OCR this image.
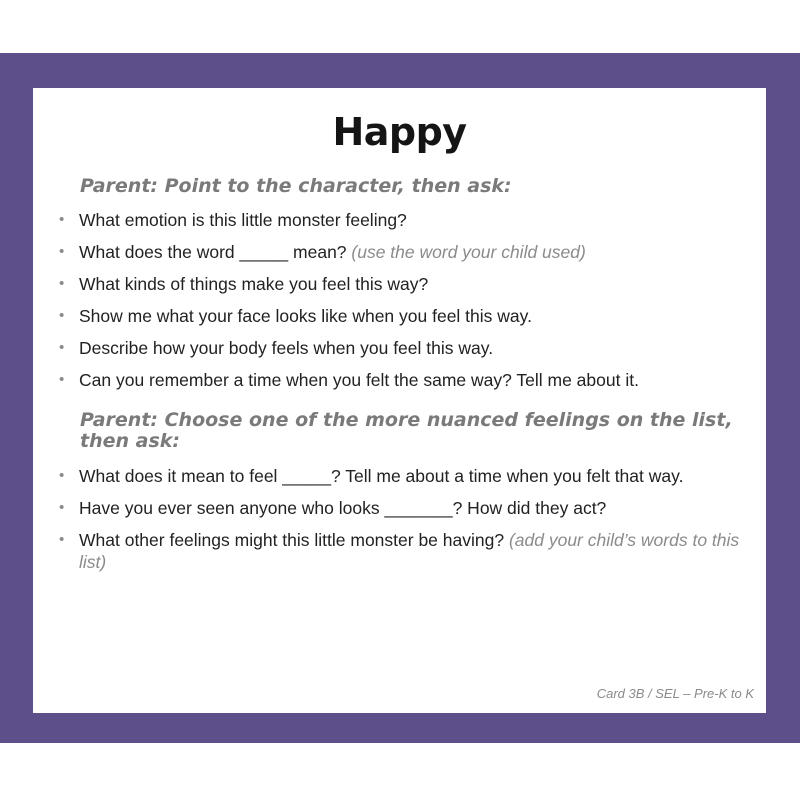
Happy
Parent: Point to the character, then ask:
• What emotion is this little monster feeling?
• What does the word _____ mean? (use the word your child used)
• What kinds of things make you feel this way?
• Show me what your face looks like when you feel this way.
• Describe how your body feels when you feel this way.
• Can you remember a time when you felt the same way? Tell me about it.
Parent: Choose one of the more nuanced feelings on the list, then ask:
• What does it mean to feel _____? Tell me about a time when you felt that way.
• Have you ever seen anyone who looks _______? How did they act?
• What other feelings might this little monster be having? (add your child’s words to this list)
Card 3B / SEL – Pre-K to K
